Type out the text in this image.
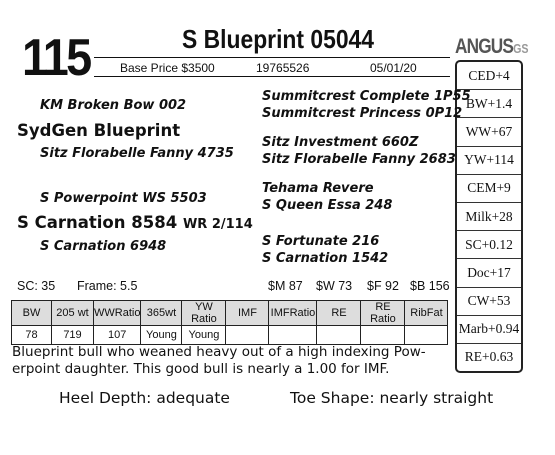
115	S Blueprint 05044
Base Price $3500	19765526	05/01/20
ANGUSGS
CED+4
BW+1.4
WW+67
YW+114
CEM+9
Milk+28
SC+0.12
Doc+17
CW+53
Marb+0.94
RE+0.63
KM Broken Bow 002
SydGen Blueprint
Sitz Florabelle Fanny 4735
Summitcrest Complete 1P55
Summitcrest Princess 0P12
Sitz Investment 660Z
Sitz Florabelle Fanny 2683
S Powerpoint WS 5503
S Carnation 8584 WR 2/114
S Carnation 6948
Tehama Revere
S Queen Essa 248
S Fortunate 216
S Carnation 1542
SC: 35 Frame: 5.5	$M 87 $W 73 $F 92 $B 156
BW	205 wt	WWRatio	365wt	YW Ratio	IMF	IMFRatio	RE	RE Ratio	RibFat
78	719	107	Young	Young					
Blueprint bull who weaned heavy out of a high indexing Pow-erpoint daughter. This good bull is nearly a 1.00 for IMF.
Heel Depth: adequate	Toe Shape: nearly straight
